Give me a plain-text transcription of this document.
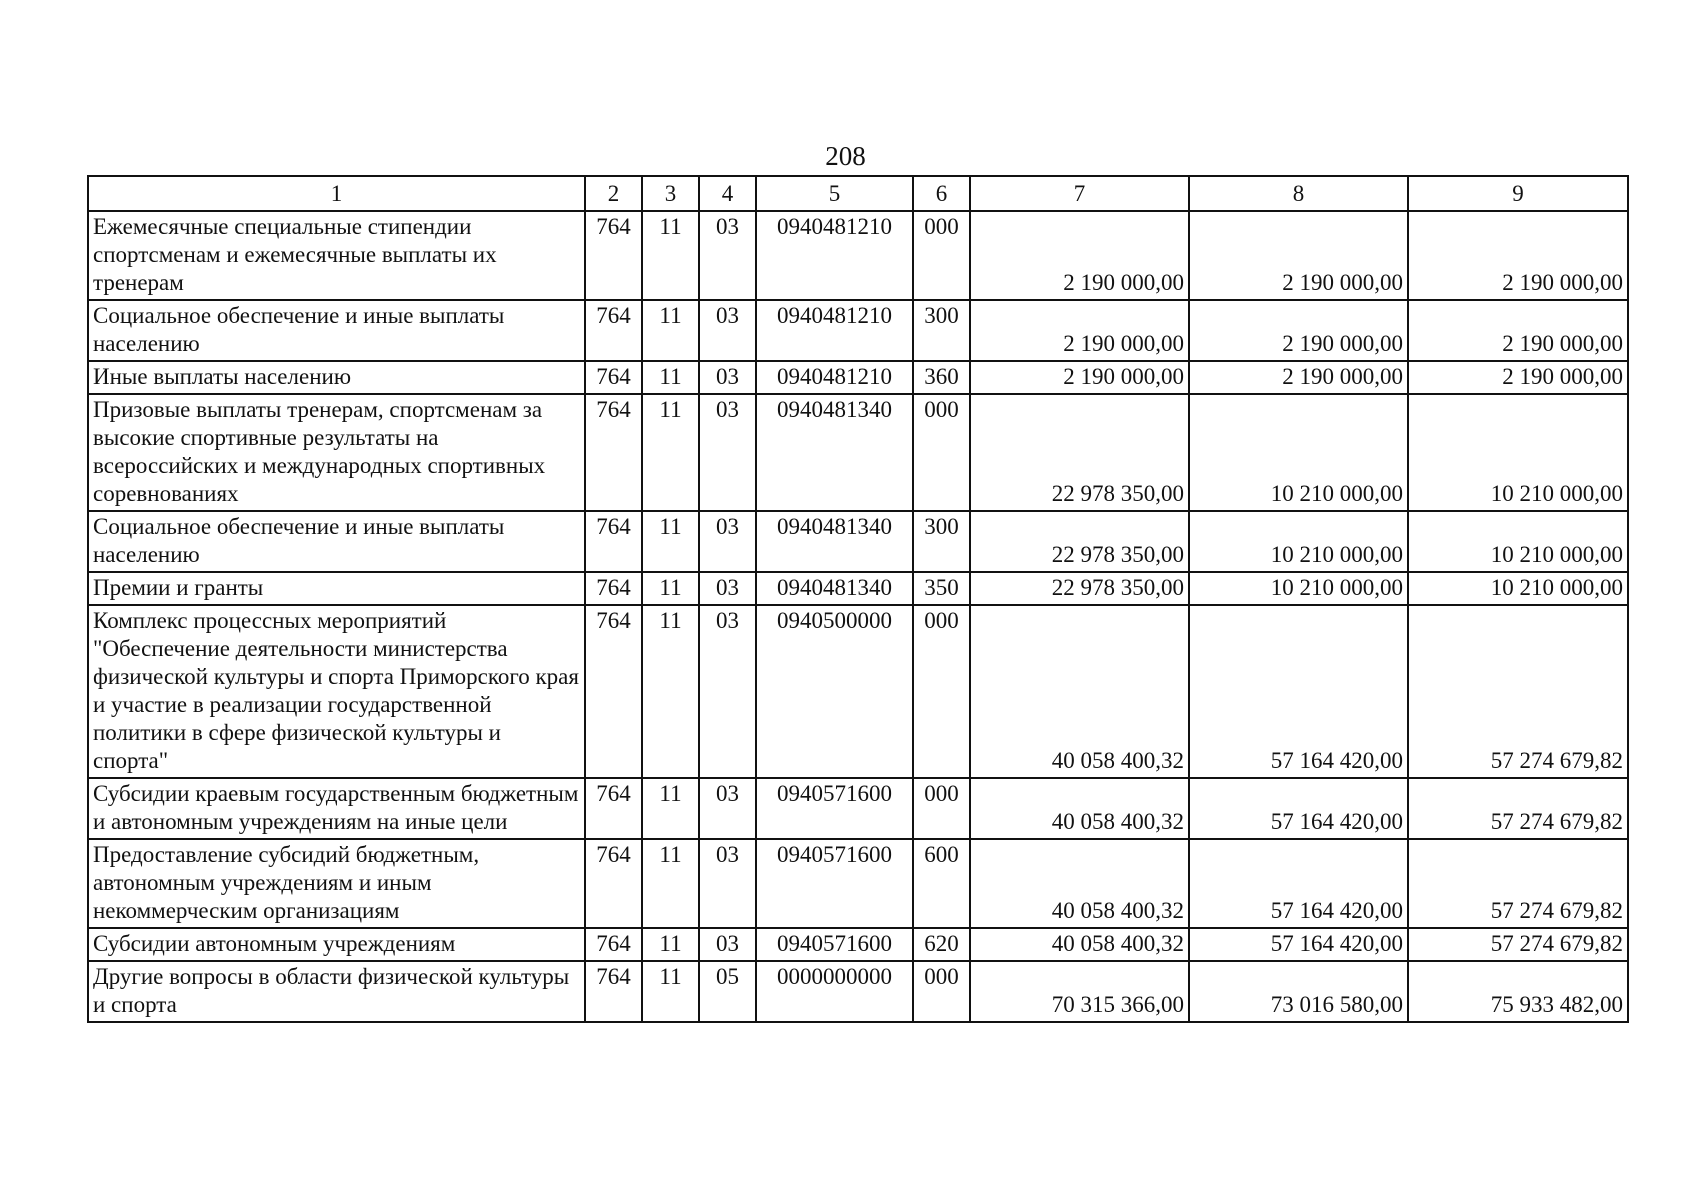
208
1	2	3	4	5	6	7	8	9
Ежемесячные специальные стипендии спортсменам и ежемесячные выплаты их тренерам	764	11	03	0940481210	000	2 190 000,00	2 190 000,00	2 190 000,00
Социальное обеспечение и иные выплаты населению	764	11	03	0940481210	300	2 190 000,00	2 190 000,00	2 190 000,00
Иные выплаты населению	764	11	03	0940481210	360	2 190 000,00	2 190 000,00	2 190 000,00
Призовые выплаты тренерам, спортсменам за высокие спортивные результаты на всероссийских и международных спортивных соревнованиях	764	11	03	0940481340	000	22 978 350,00	10 210 000,00	10 210 000,00
Социальное обеспечение и иные выплаты населению	764	11	03	0940481340	300	22 978 350,00	10 210 000,00	10 210 000,00
Премии и гранты	764	11	03	0940481340	350	22 978 350,00	10 210 000,00	10 210 000,00
Комплекс процессных мероприятий "Обеспечение деятельности министерства физической культуры и спорта Приморского края и участие в реализации государственной политики в сфере физической культуры и спорта"	764	11	03	0940500000	000	40 058 400,32	57 164 420,00	57 274 679,82
Субсидии краевым государственным бюджетным и автономным учреждениям на иные цели	764	11	03	0940571600	000	40 058 400,32	57 164 420,00	57 274 679,82
Предоставление субсидий бюджетным, автономным учреждениям и иным некоммерческим организациям	764	11	03	0940571600	600	40 058 400,32	57 164 420,00	57 274 679,82
Субсидии автономным учреждениям	764	11	03	0940571600	620	40 058 400,32	57 164 420,00	57 274 679,82
Другие вопросы в области физической культуры и спорта	764	11	05	0000000000	000	70 315 366,00	73 016 580,00	75 933 482,00
